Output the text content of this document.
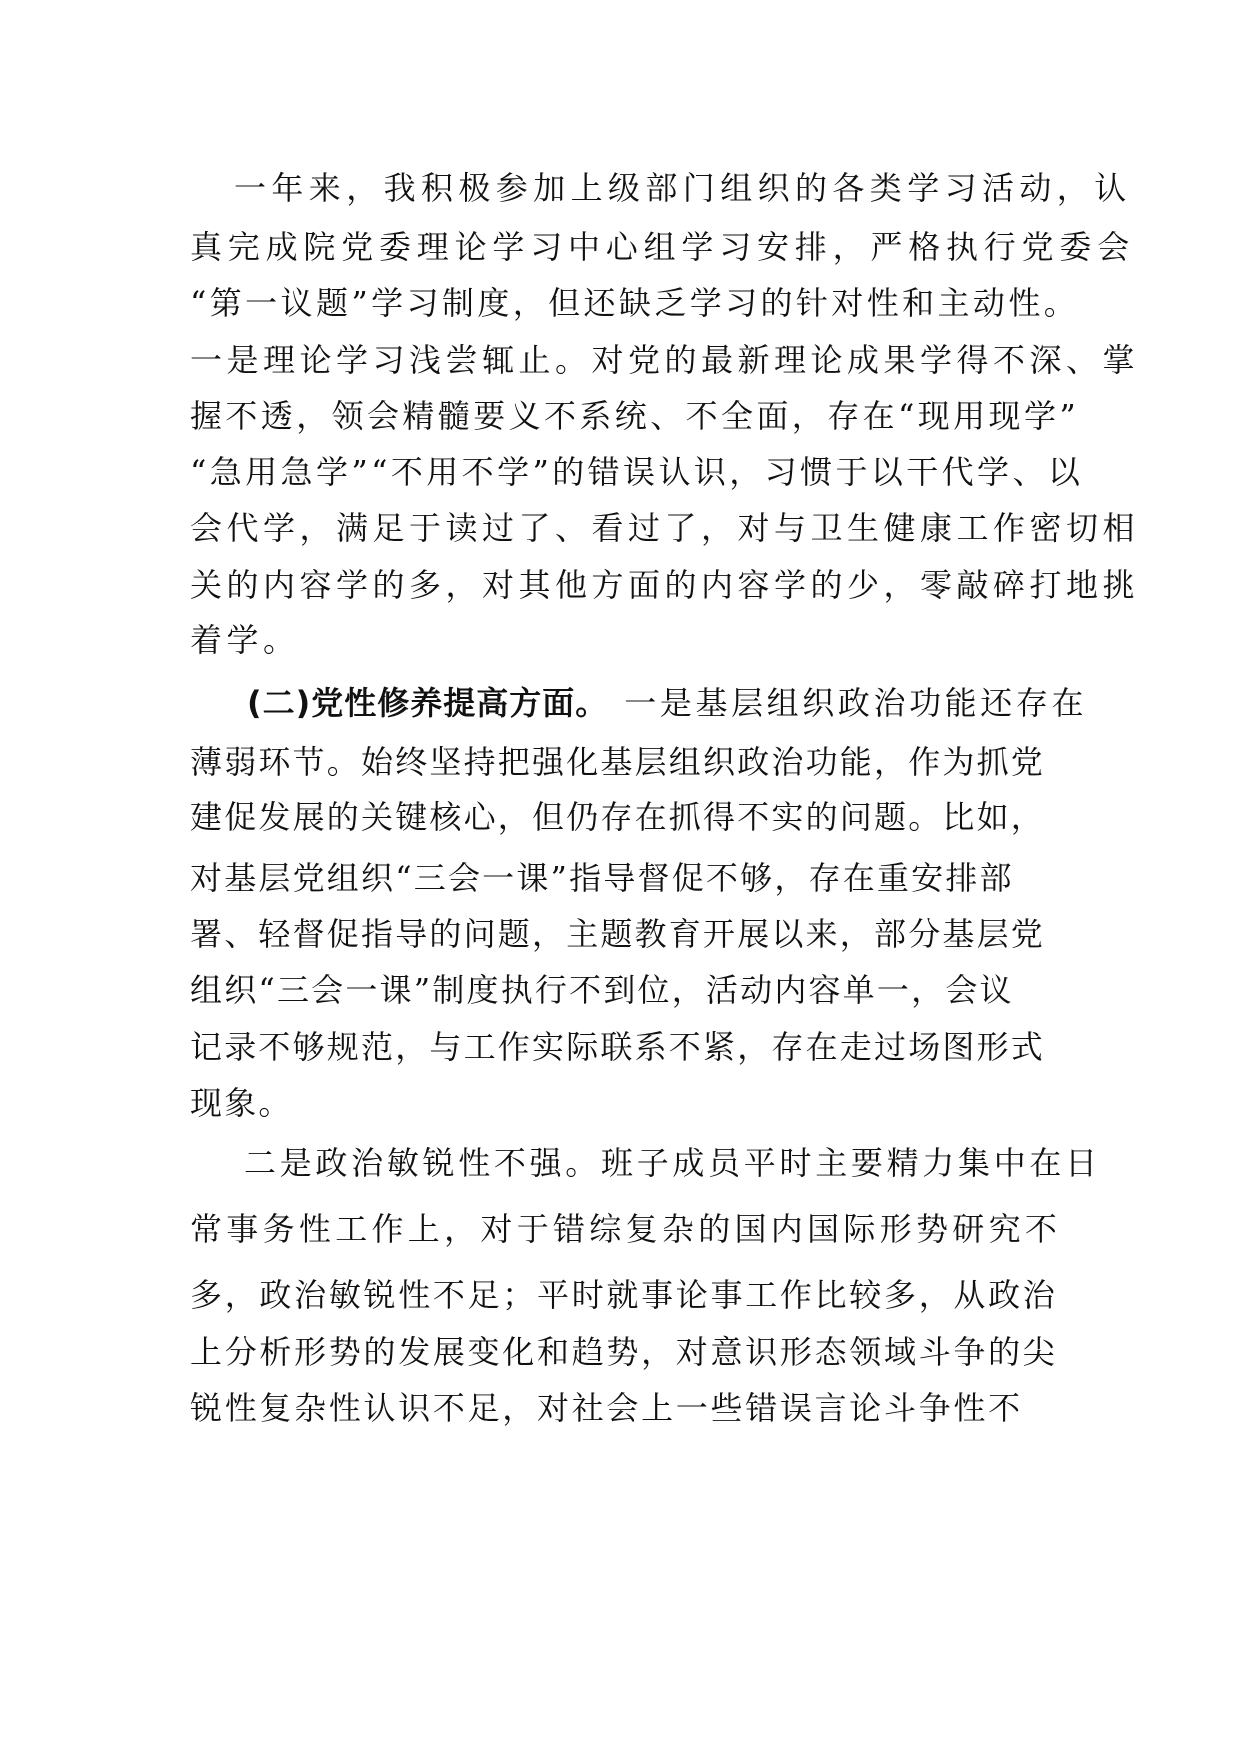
一年来，我积极参加上级部门组织的各类学习活动，认

真完成院党委理论学习中心组学习安排，严格执行党委会

“第一议题”学习制度，但还缺乏学习的针对性和主动性。

一是理论学习浅尝辄止。对党的最新理论成果学得不深、掌

握不透，领会精髓要义不系统、不全面，存在“现用现学”

“急用急学”“不用不学”的错误认识，习惯于以干代学、以

会代学，满足于读过了、看过了，对与卫生健康工作密切相

关的内容学的多，对其他方面的内容学的少，零敲碎打地挑

着学。

(二)党性修养提高方面。 一是基层组织政治功能还存在

薄弱环节。始终坚持把强化基层组织政治功能，作为抓党

建促发展的关键核心，但仍存在抓得不实的问题。比如，

对基层党组织“三会一课”指导督促不够，存在重安排部

署、轻督促指导的问题，主题教育开展以来，部分基层党

组织“三会一课”制度执行不到位，活动内容单一，会议

记录不够规范，与工作实际联系不紧，存在走过场图形式

现象。

二是政治敏锐性不强。班子成员平时主要精力集中在日

常事务性工作上，对于错综复杂的国内国际形势研究不

多，政治敏锐性不足；平时就事论事工作比较多，从政治

上分析形势的发展变化和趋势，对意识形态领域斗争的尖

锐性复杂性认识不足，对社会上一些错误言论斗争性不
